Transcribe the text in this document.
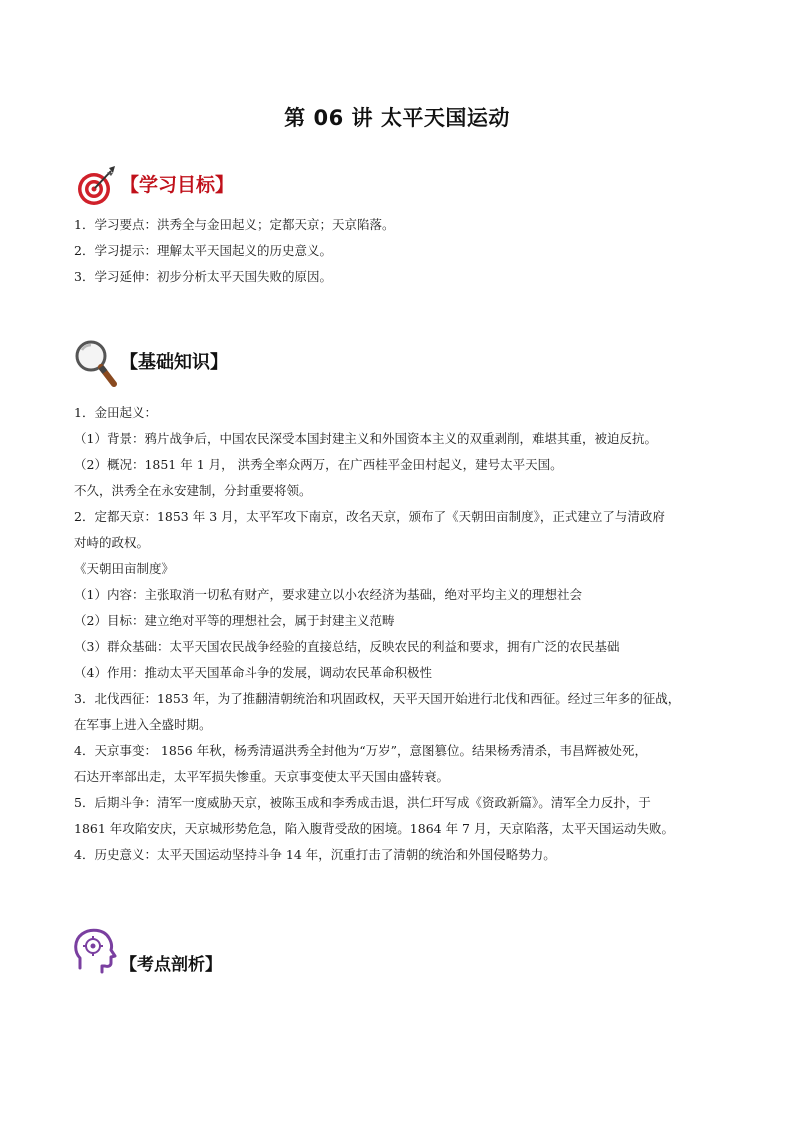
第 06 讲 太平天国运动
【学习目标】
1．学习要点：洪秀全与金田起义；定都天京；天京陷落。
2．学习提示：理解太平天国起义的历史意义。
3．学习延伸：初步分析太平天国失败的原因。
【基础知识】
1．金田起义：
（1）背景：鸦片战争后，中国农民深受本国封建主义和外国资本主义的双重剥削，难堪其重，被迫反抗。
（2）概况：1851 年 1 月， 洪秀全率众两万，在广西桂平金田村起义，建号太平天国。
不久，洪秀全在永安建制，分封重要将领。
2．定都天京：1853 年 3 月，太平军攻下南京，改名天京，颁布了《天朝田亩制度》，正式建立了与清政府
对峙的政权。
《天朝田亩制度》
（1）内容：主张取消一切私有财产，要求建立以小农经济为基础，绝对平均主义的理想社会
（2）目标：建立绝对平等的理想社会，属于封建主义范畴
（3）群众基础：太平天国农民战争经验的直接总结，反映农民的利益和要求，拥有广泛的农民基础
（4）作用：推动太平天国革命斗争的发展，调动农民革命积极性
3．北伐西征：1853 年，为了推翻清朝统治和巩固政权，天平天国开始进行北伐和西征。经过三年多的征战，
在军事上进入全盛时期。
4．天京事变： 1856 年秋，杨秀清逼洪秀全封他为“万岁”，意图篡位。结果杨秀清杀，韦昌辉被处死，
石达开率部出走，太平军损失惨重。天京事变使太平天国由盛转衰。
5．后期斗争：清军一度威胁天京，被陈玉成和李秀成击退，洪仁玕写成《资政新篇》。清军全力反扑，于
1861 年攻陷安庆，天京城形势危急，陷入腹背受敌的困境。1864 年 7 月，天京陷落，太平天国运动失败。
4．历史意义：太平天国运动坚持斗争 14 年，沉重打击了清朝的统治和外国侵略势力。
【考点剖析】
